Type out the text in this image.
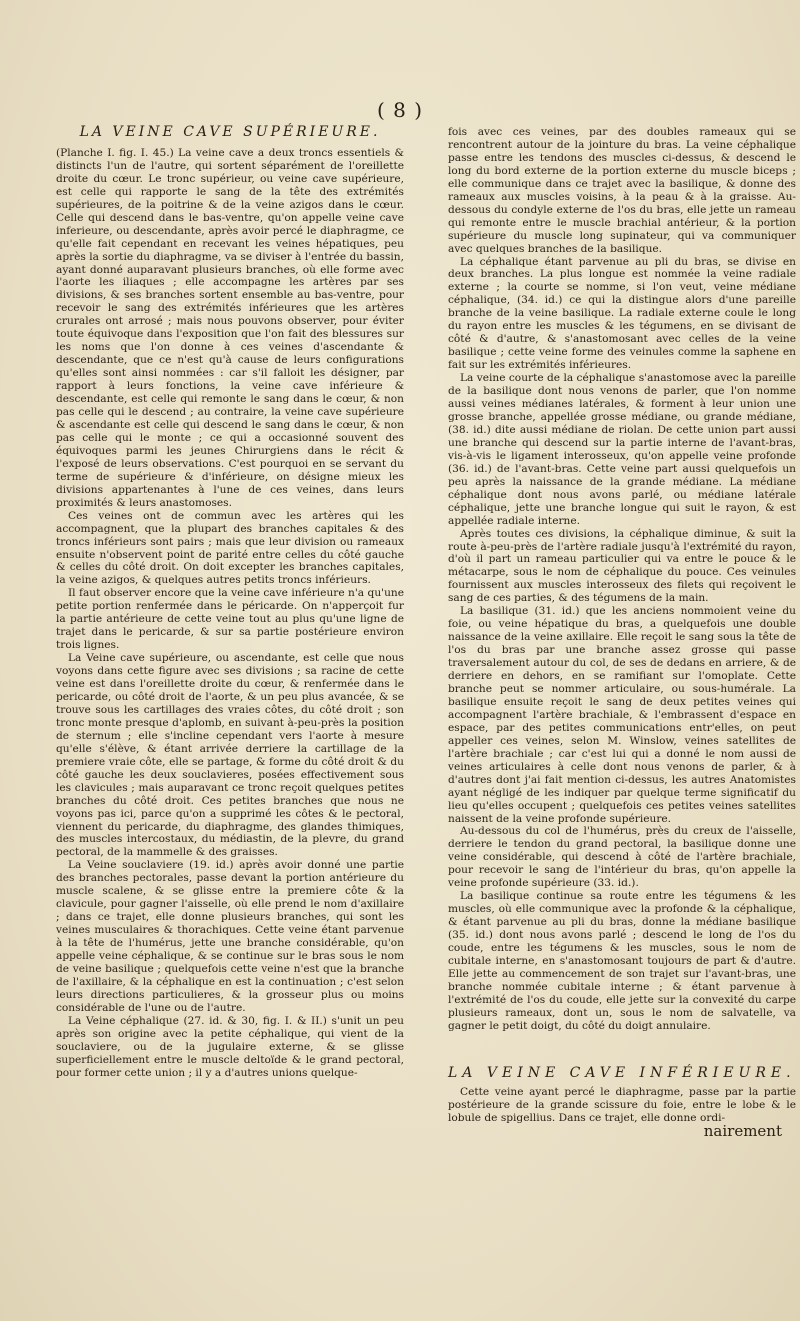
( 8 )

LA VEINE CAVE SUPÉRIEURE.

(Planche I. fig. I. 45.) La veine cave a deux troncs essentiels & distincts l'un de l'autre, qui sortent séparément de l'oreillette droite du cœur. Le tronc supérieur, ou veine cave supérieure, est celle qui rapporte le sang de la tête des extrémités supérieures, de la poitrine & de la veine azigos dans le cœur. Celle qui descend dans le bas-ventre, qu'on appelle veine cave inferieure, ou descendante, après avoir percé le diaphragme, ce qu'elle fait cependant en recevant les veines hépatiques, peu après la sortie du diaphragme, va se diviser à l'entrée du bassin, ayant donné auparavant plusieurs branches, où elle forme avec l'aorte les iliaques ; elle accompagne les artères par ses divisions, & ses branches sortent ensemble au bas-ventre, pour recevoir le sang des extrémités inférieures que les artères crurales ont arrosé ; mais nous pouvons observer, pour éviter toute équivoque dans l'exposition que l'on fait des blessures sur les noms que l'on donne à ces veines d'ascendante & descendante, que ce n'est qu'à cause de leurs configurations qu'elles sont ainsi nommées : car s'il falloit les désigner, par rapport à leurs fonctions, la veine cave inférieure & descendante, est celle qui remonte le sang dans le cœur, & non pas celle qui le descend ; au contraire, la veine cave supérieure & ascendante est celle qui descend le sang dans le cœur, & non pas celle qui le monte ; ce qui a occasionné souvent des équivoques parmi les jeunes Chirurgiens dans le récit & l'exposé de leurs observations. C'est pourquoi en se servant du terme de supérieure & d'inférieure, on désigne mieux les divisions appartenantes à l'une de ces veines, dans leurs proximités & leurs anastomoses.

Ces veines ont de commun avec les artères qui les accompagnent, que la plupart des branches capitales & des troncs inférieurs sont pairs ; mais que leur division ou rameaux ensuite n'observent point de parité entre celles du côté gauche & celles du côté droit. On doit excepter les branches capitales, la veine azigos, & quelques autres petits troncs inférieurs.

Il faut observer encore que la veine cave inférieure n'a qu'une petite portion renfermée dans le péricarde. On n'apperçoit fur la partie antérieure de cette veine tout au plus qu'une ligne de trajet dans le pericarde, & sur sa partie postérieure environ trois lignes.

La Veine cave supérieure, ou ascendante, est celle que nous voyons dans cette figure avec ses divisions ; sa racine de cette veine est dans l'oreillette droite du cœur, & renfermée dans le pericarde, ou côté droit de l'aorte, & un peu plus avancée, & se trouve sous les cartillages des vraies côtes, du côté droit ; son tronc monte presque d'aplomb, en suivant à-peu-près la position de sternum ; elle s'incline cependant vers l'aorte à mesure qu'elle s'élève, & étant arrivée derriere la cartillage de la premiere vraie côte, elle se partage, & forme du côté droit & du côté gauche les deux souclavieres, posées effectivement sous les clavicules ; mais auparavant ce tronc reçoit quelques petites branches du côté droit. Ces petites branches que nous ne voyons pas ici, parce qu'on a supprimé les côtes & le pectoral, viennent du pericarde, du diaphragme, des glandes thimiques, des muscles intercostaux, du médiastin, de la plevre, du grand pectoral, de la mammelle & des graisses.

La Veine souclaviere (19. id.) après avoir donné une partie des branches pectorales, passe devant la portion antérieure du muscle scalene, & se glisse entre la premiere côte & la clavicule, pour gagner l'aisselle, où elle prend le nom d'axillaire ; dans ce trajet, elle donne plusieurs branches, qui sont les veines musculaires & thorachiques. Cette veine étant parvenue à la tête de l'humérus, jette une branche considérable, qu'on appelle veine céphalique, & se continue sur le bras sous le nom de veine basilique ; quelquefois cette veine n'est que la branche de l'axillaire, & la céphalique en est la continuation ; c'est selon leurs directions particulieres, & la grosseur plus ou moins considérable de l'une ou de l'autre.

La Veine céphalique (27. id. & 30, fig. I. & II.) s'unit un peu après son origine avec la petite céphalique, qui vient de la souclaviere, ou de la jugulaire externe, & se glisse superficiellement entre le muscle deltoïde & le grand pectoral, pour former cette union ; il y a d'autres unions quelque-

fois avec ces veines, par des doubles rameaux qui se rencontrent autour de la jointure du bras. La veine céphalique passe entre les tendons des muscles ci-dessus, & descend le long du bord externe de la portion externe du muscle biceps ; elle communique dans ce trajet avec la basilique, & donne des rameaux aux muscles voisins, à la peau & à la graisse. Au-dessous du condyle externe de l'os du bras, elle jette un rameau qui remonte entre le muscle brachial antérieur, & la portion supérieure du muscle long supinateur, qui va communiquer avec quelques branches de la basilique.

La céphalique étant parvenue au pli du bras, se divise en deux branches. La plus longue est nommée la veine radiale externe ; la courte se nomme, si l'on veut, veine médiane céphalique, (34. id.) ce qui la distingue alors d'une pareille branche de la veine basilique. La radiale externe coule le long du rayon entre les muscles & les tégumens, en se divisant de côté & d'autre, & s'anastomosant avec celles de la veine basilique ; cette veine forme des veinules comme la saphene en fait sur les extrémités inférieures.

La veine courte de la céphalique s'anastomose avec la pareille de la basilique dont nous venons de parler, que l'on nomme aussi veines médianes latérales, & forment à leur union une grosse branche, appellée grosse médiane, ou grande médiane, (38. id.) dite aussi médiane de riolan. De cette union part aussi une branche qui descend sur la partie interne de l'avant-bras, vis-à-vis le ligament interosseux, qu'on appelle veine profonde (36. id.) de l'avant-bras. Cette veine part aussi quelquefois un peu après la naissance de la grande médiane. La médiane céphalique dont nous avons parlé, ou médiane latérale céphalique, jette une branche longue qui suit le rayon, & est appellée radiale interne.

Après toutes ces divisions, la céphalique diminue, & suit la route à-peu-près de l'artère radiale jusqu'à l'extrémité du rayon, d'où il part un rameau particulier qui va entre le pouce & le métacarpe, sous le nom de céphalique du pouce. Ces veinules fournissent aux muscles interosseux des filets qui reçoivent le sang de ces parties, & des tégumens de la main.

La basilique (31. id.) que les anciens nommoient veine du foie, ou veine hépatique du bras, a quelquefois une double naissance de la veine axillaire. Elle reçoit le sang sous la tête de l'os du bras par une branche assez grosse qui passe traversalement autour du col, de ses de dedans en arriere, & de derriere en dehors, en se ramifiant sur l'omoplate. Cette branche peut se nommer articulaire, ou sous-humérale. La basilique ensuite reçoit le sang de deux petites veines qui accompagnent l'artère brachiale, & l'embrassent d'espace en espace, par des petites communications entr'elles, on peut appeller ces veines, selon M. Winslow, veines satellites de l'artère brachiale ; car c'est lui qui a donné le nom aussi de veines articulaires à celle dont nous venons de parler, & à d'autres dont j'ai fait mention ci-dessus, les autres Anatomistes ayant négligé de les indiquer par quelque terme significatif du lieu qu'elles occupent ; quelquefois ces petites veines satellites naissent de la veine profonde supérieure.

Au-dessous du col de l'humérus, près du creux de l'aisselle, derriere le tendon du grand pectoral, la basilique donne une veine considérable, qui descend à côté de l'artère brachiale, pour recevoir le sang de l'intérieur du bras, qu'on appelle la veine profonde supérieure (33. id.).

La basilique continue sa route entre les tégumens & les muscles, où elle communique avec la profonde & la céphalique, & étant parvenue au pli du bras, donne la médiane basilique (35. id.) dont nous avons parlé ; descend le long de l'os du coude, entre les tégumens & les muscles, sous le nom de cubitale interne, en s'anastomosant toujours de part & d'autre. Elle jette au commencement de son trajet sur l'avant-bras, une branche nommée cubitale interne ; & étant parvenue à l'extrémité de l'os du coude, elle jette sur la convexité du carpe plusieurs rameaux, dont un, sous le nom de salvatelle, va gagner le petit doigt, du côté du doigt annulaire.

LA VEINE CAVE INFÉRIEURE.

Cette veine ayant percé le diaphragme, passe par la partie postérieure de la grande scissure du foie, entre le lobe & le lobule de spigellius. Dans ce trajet, elle donne ordi-

nairement
